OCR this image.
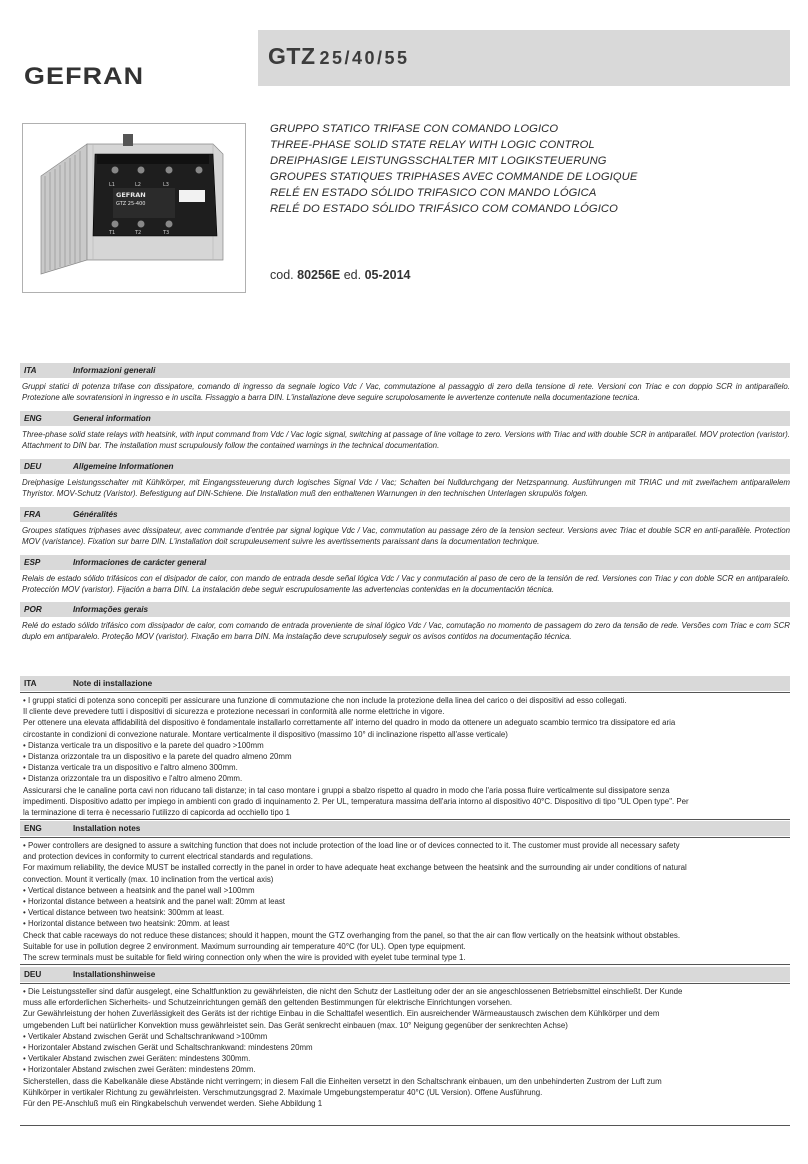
GTZ 25/40/55
GEFRAN
L1	L2	L3
GEFRAN
GTZ 25-400
T1	T2	T3
GRUPPO STATICO TRIFASE CON COMANDO LOGICO
THREE-PHASE SOLID STATE RELAY WITH LOGIC CONTROL
DREIPHASIGE LEISTUNGSSCHALTER MIT LOGIKSTEUERUNG
GROUPES STATIQUES TRIPHASES AVEC COMMANDE DE LOGIQUE
RELÉ EN ESTADO SÓLIDO TRIFASICO CON MANDO LÓGICA
RELÉ DO ESTADO SÓLIDO TRIFÁSICO COM COMANDO LÓGICO
cod. 80256E ed. 05-2014
ITA	Informazioni generali
Gruppi statici di potenza trifase con dissipatore, comando di ingresso da segnale logico Vdc / Vac, commutazione al passaggio di zero della tensione di rete. Versioni con Triac e con doppio SCR in antiparallelo. Protezione alle sovratensioni in ingresso e in uscita. Fissaggio a barra DIN. L'installazione deve seguire scrupolosamente le avvertenze contenute nella documentazione tecnica.
ENG	General information
Three-phase solid state relays with heatsink, with input command from Vdc / Vac logic signal, switching at passage of line voltage to zero. Versions with Triac and with double SCR in antiparallel. MOV protection (varistor). Attachment to DIN bar. The installation must scrupulously follow the contained warnings in the technical documentation.
DEU	Allgemeine Informationen
Dreiphasige Leistungsschalter mit Kühlkörper, mit Eingangssteuerung durch logisches Signal Vdc / Vac; Schalten bei Nulldurchgang der Netzspannung. Ausführungen mit TRIAC und mit zweifachem antiparallelem Thyristor. MOV-Schutz (Varistor). Befestigung auf DIN-Schiene. Die Installation muß den enthaltenen Warnungen in den technischen Unterlagen skrupulös folgen.
FRA	Généralités
Groupes statiques triphases avec dissipateur, avec commande d'entrée par signal logique Vdc / Vac, commutation au passage zéro de la tension secteur. Versions avec Triac et double SCR en anti-parallèle. Protection MOV (varistance). Fixation sur barre DIN. L'installation doit scrupuleusement suivre les avertissements paraissant dans la documentation technique.
ESP	Informaciones de carácter general
Relais de estado sólido trifásicos con el disipador de calor, con mando de entrada desde señal lógica Vdc / Vac y conmutación al paso de cero de la tensión de red. Versiones con Triac y con doble SCR en antiparalelo. Protección MOV (varistor). Fijación a barra DIN. La instalación debe seguir escrupulosamente las advertencias contenidas en la documentación técnica.
POR	Informações gerais
Relé do estado sólido trifásico com dissipador de calor, com comando de entrada proveniente de sinal lógico Vdc / Vac, comutação no momento de passagem do zero da tensão de rede. Versões com Triac e com SCR duplo em antiparalelo. Proteção MOV (varistor). Fixação em barra DIN. Ma instalação deve scrupulosely seguir os avisos contidos na documentação técnica.
ITA	Note di installazione
• I gruppi statici di potenza sono concepiti per assicurare una funzione di commutazione che non include la protezione della linea del carico o dei dispositivi ad esso collegati.
Il cliente deve prevedere tutti i dispositivi di sicurezza e protezione necessari in conformità alle norme elettriche in vigore.
Per ottenere una elevata affidabilità del dispositivo è fondamentale installarlo correttamente all' interno del quadro in modo da ottenere un adeguato scambio termico tra dissipatore ed aria
circostante in condizioni di convezione naturale. Montare verticalmente il dispositivo (massimo 10° di inclinazione rispetto all'asse verticale)
• Distanza verticale tra un dispositivo e la parete del quadro >100mm
• Distanza orizzontale tra un dispositivo e la parete del quadro almeno 20mm
• Distanza verticale tra un dispositivo e l'altro almeno 300mm.
• Distanza orizzontale tra un dispositivo e l'altro almeno 20mm.
Assicurarsi che le canaline porta cavi non riducano tali distanze; in tal caso montare i gruppi a sbalzo rispetto al quadro in modo che l'aria possa fluire verticalmente sul dissipatore senza
impedimenti. Dispositivo adatto per impiego in ambienti con grado di inquinamento 2. Per UL, temperatura massima dell'aria intorno al dispositivo 40°C. Dispositivo di tipo "UL Open type". Per
la terminazione di terra è necessario l'utilizzo di capicorda ad occhiello tipo 1
ENG	Installation notes
• Power controllers are designed to assure a switching function that does not include protection of the load line or of devices connected to it. The customer must provide all necessary safety
and protection devices in conformity to current electrical standards and regulations.
For maximum reliability, the device MUST be installed correctly in the panel in order to have adequate heat exchange between the heatsink and the surrounding air under conditions of natural
convection. Mount it vertically (max. 10 inclination from the vertical axis)
• Vertical distance between a heatsink and the panel wall >100mm
• Horizontal distance between a heatsink and the panel wall: 20mm at least
• Vertical distance between two heatsink: 300mm at least.
• Horizontal distance between two heatsink: 20mm. at least
Check that cable raceways do not reduce these distances; should it happen, mount the GTZ overhanging from the panel, so that the air can flow vertically on the heatsink without obstables.
Suitable for use in pollution degree 2 environment. Maximum surrounding air temperature 40°C (for UL). Open type equipment.
The screw terminals must be suitable for field wiring connection only when the wire is provided with eyelet tube terminal type 1.
DEU	Installationshinweise
• Die Leistungssteller sind dafür ausgelegt, eine Schaltfunktion zu gewährleisten, die nicht den Schutz der Lastleitung oder der an sie angeschlossenen Betriebsmittel einschließt. Der Kunde
muss alle erforderlichen Sicherheits- und Schutzeinrichtungen gemäß den geltenden Bestimmungen für elektrische Einrichtungen vorsehen.
Zur Gewährleistung der hohen Zuverlässigkeit des Geräts ist der richtige Einbau in die Schalttafel wesentlich. Ein ausreichender Wärmeaustausch zwischen dem Kühlkörper und dem
umgebenden Luft bei natürlicher Konvektion muss gewährleistet sein. Das Gerät senkrecht einbauen (max. 10° Neigung gegenüber der senkrechten Achse)
• Vertikaler Abstand zwischen Gerät und Schaltschrankwand >100mm
• Horizontaler Abstand zwischen Gerät und Schaltschrankwand: mindestens 20mm
• Vertikaler Abstand zwischen zwei Geräten: mindestens 300mm.
• Horizontaler Abstand zwischen zwei Geräten: mindestens 20mm.
Sicherstellen, dass die Kabelkanäle diese Abstände nicht verringern; in diesem Fall die Einheiten versetzt in den Schaltschrank einbauen, um den unbehinderten Zustrom der Luft zum
Kühlkörper in vertikaler Richtung zu gewährleisten. Verschmutzungsgrad 2. Maximale Umgebungstemperatur 40°C (UL Version). Offene Ausführung.
Für den PE-Anschluß muß ein Ringkabelschuh verwendet werden. Siehe Abbildung 1
